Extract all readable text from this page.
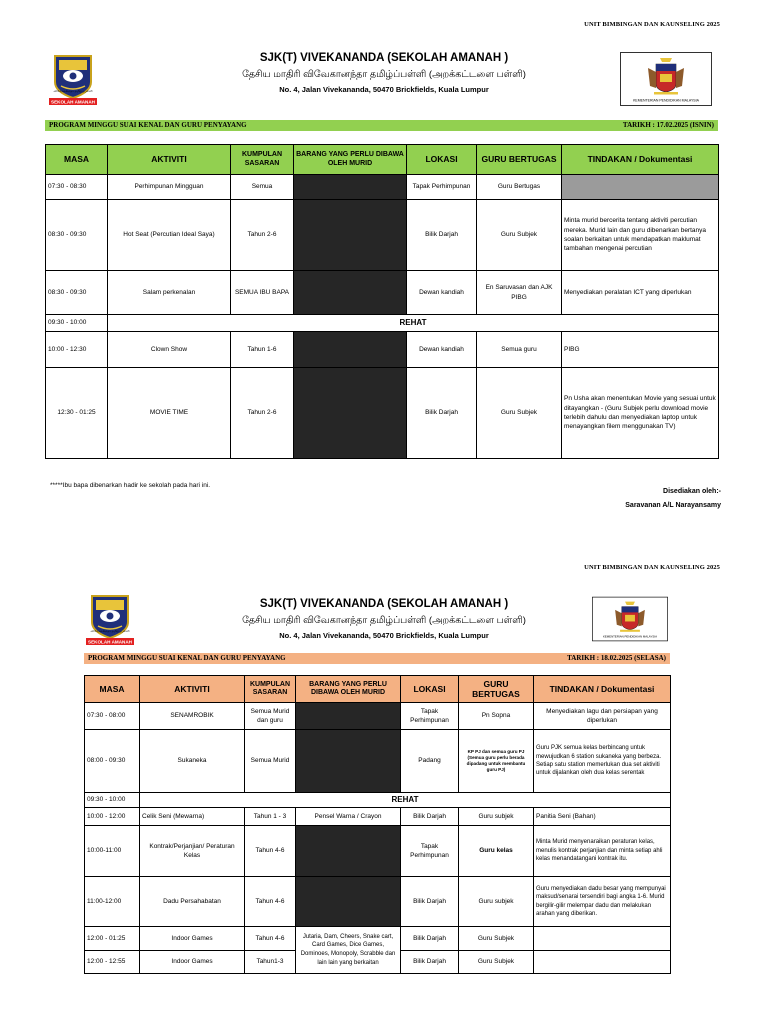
UNIT BIMBINGAN DAN KAUNSELING 2025
விவேகானந்தா தமிழ்ப்பள்ளி
SEKOLAH AMANAH
SJK(T) VIVEKANANDA (SEKOLAH AMANAH )
தேசிய மாதிரி விவேகானந்தா தமிழ்ப்பள்ளி (அறக்கட்டளை பள்ளி)
No. 4, Jalan Vivekananda, 50470 Brickfields, Kuala Lumpur
KEMENTERIAN PENDIDIKAN MALAYSIA
PROGRAM MINGGU SUAI KENAL DAN GURU PENYAYANG	TARIKH : 17.02.2025 (ISNIN)
MASA	AKTIVITI	KUMPULAN SASARAN	BARANG YANG PERLU DIBAWA OLEH MURID	LOKASI	GURU BERTUGAS	TINDAKAN / Dokumentasi
07:30 - 08:30	Perhimpunan Mingguan	Semua		Tapak Perhimpunan	Guru Bertugas	
08:30 - 09:30	Hot Seat (Percutian Ideal Saya)	Tahun 2-6		Bilik Darjah	Guru Subjek	Minta murid bercerita tentang aktiviti percutian mereka. Murid lain dan guru dibenarkan bertanya soalan berkaitan untuk mendapatkan maklumat tambahan mengenai percutian
08:30 - 09:30	Salam perkenalan	SEMUA IBU BAPA		Dewan kandiah	En Saruvasan dan AJK PIBG	Menyediakan peralatan ICT yang diperlukan
09:30 - 10:00	REHAT					
10:00 - 12:30	Clown Show	Tahun 1-6		Dewan kandiah	Semua guru	PIBG
12:30 - 01:25	MOVIE TIME	Tahun 2-6		Bilik Darjah	Guru Subjek	Pn Usha akan menentukan Movie yang sesuai untuk ditayangkan - (Guru Subjek perlu download movie terlebih dahulu dan menyediakan laptop untuk menayangkan filem menggunakan TV)
*****Ibu bapa dibenarkan hadir ke sekolah pada hari ini.
Disediakan oleh:-
Saravanan A/L Narayansamy
UNIT BIMBINGAN DAN KAUNSELING 2025
விவேகானந்தா தமிழ்ப்பள்ளி
SEKOLAH AMANAH
SJK(T) VIVEKANANDA (SEKOLAH AMANAH )
தேசிய மாதிரி விவேகானந்தா தமிழ்ப்பள்ளி (அறக்கட்டளை பள்ளி)
No. 4, Jalan Vivekananda, 50470 Brickfields, Kuala Lumpur	KEMENTERIAN PENDIDIKAN MALAYSIA
PROGRAM MINGGU SUAI KENAL DAN GURU PENYAYANG	TARIKH : 18.02.2025 (SELASA)
MASA	AKTIVITI	KUMPULAN SASARAN	BARANG YANG PERLU DIBAWA OLEH MURID	LOKASI	GURU BERTUGAS	TINDAKAN / Dokumentasi
07:30 - 08:00	SENAMROBIK	Semua Murid dan guru		Tapak Perhimpunan	Pn Sopna	Menyediakan lagu dan persiapan yang diperlukan
08:00 - 09:30	Sukaneka	Semua Murid		Padang	KP PJ dan semua guru PJ (Semua guru perlu berada dipadang untuk membantu guru PJ)	Guru PJK semua kelas berbincang untuk mewujudkan 6 station sukaneka yang berbeza. Setiap satu station memerlukan dua set aktiviti untuk dijalankan oleh dua kelas serentak
09:30 - 10:00	REHAT					
10:00 - 12:00	Celik Seni (Mewarna)	Tahun 1 - 3	Pensel Warna / Crayon	Bilik Darjah	Guru subjek	Panitia Seni (Bahan)
10:00-11:00	Kontrak/Perjanjian/ Peraturan Kelas	Tahun 4-6		Tapak Perhimpunan	Guru kelas	Minta Murid menyenaraikan peraturan kelas, menulis kontrak perjanjian dan minta setiap ahli kelas menandatangani kontrak itu.
11:00-12:00	Dadu Persahabatan	Tahun 4-6		Bilik Darjah	Guru subjek	Guru menyediakan dadu besar yang mempunyai maksud/senarai tersendiri bagi angka 1-6. Murid bergilir-gilir melempar dadu dan melakukan arahan yang diberikan.
12:00 - 01:25	Indoor Games	Tahun 4-6	Jutaria, Dam, Cheers, Snake cart, Card Games, Dice Games, Dominoes, Monopoly, Scrabble dan lain lain yang berkaitan	Bilik Darjah	Guru Subjek	
12:00 - 12:55	Indoor Games	Tahun1-3		Bilik Darjah	Guru Subjek	
